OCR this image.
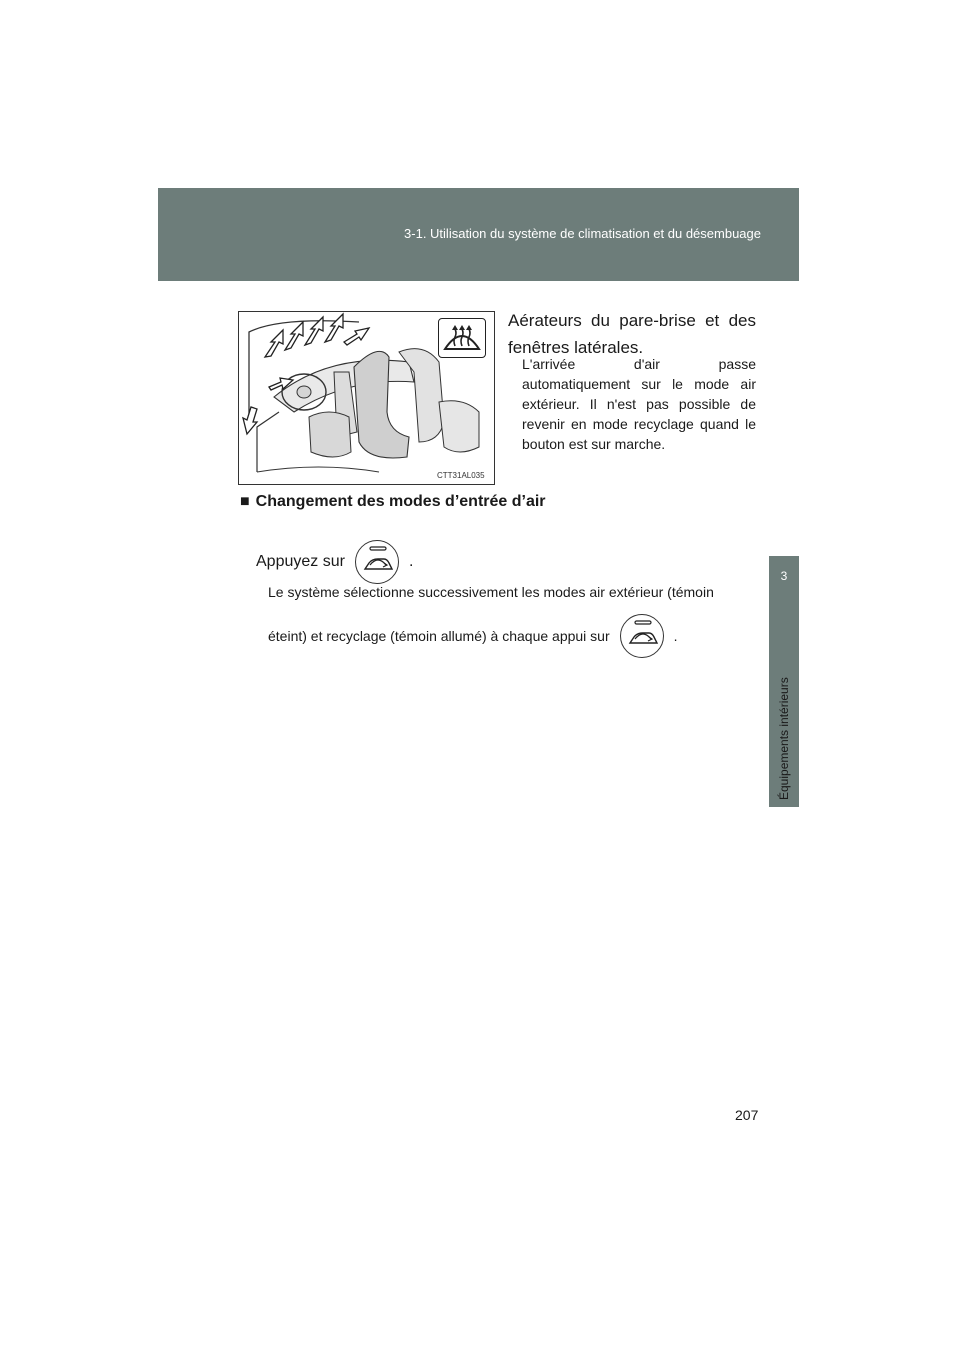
3-1. Utilisation du système de climatisation et du désembuage
3
Équipements intérieurs
CTT31AL035
Aérateurs du pare-brise et des fenêtres latérales.
L'arrivée d'air passe automatiquement sur le mode air extérieur. Il n'est pas possible de revenir en mode recyclage quand le bouton est sur marche.
■ Changement des modes d’entrée d’air
Appuyez sur	.
Le système sélectionne successivement les modes air extérieur (témoin
éteint) et recyclage (témoin allumé) à chaque appui sur	.
207
